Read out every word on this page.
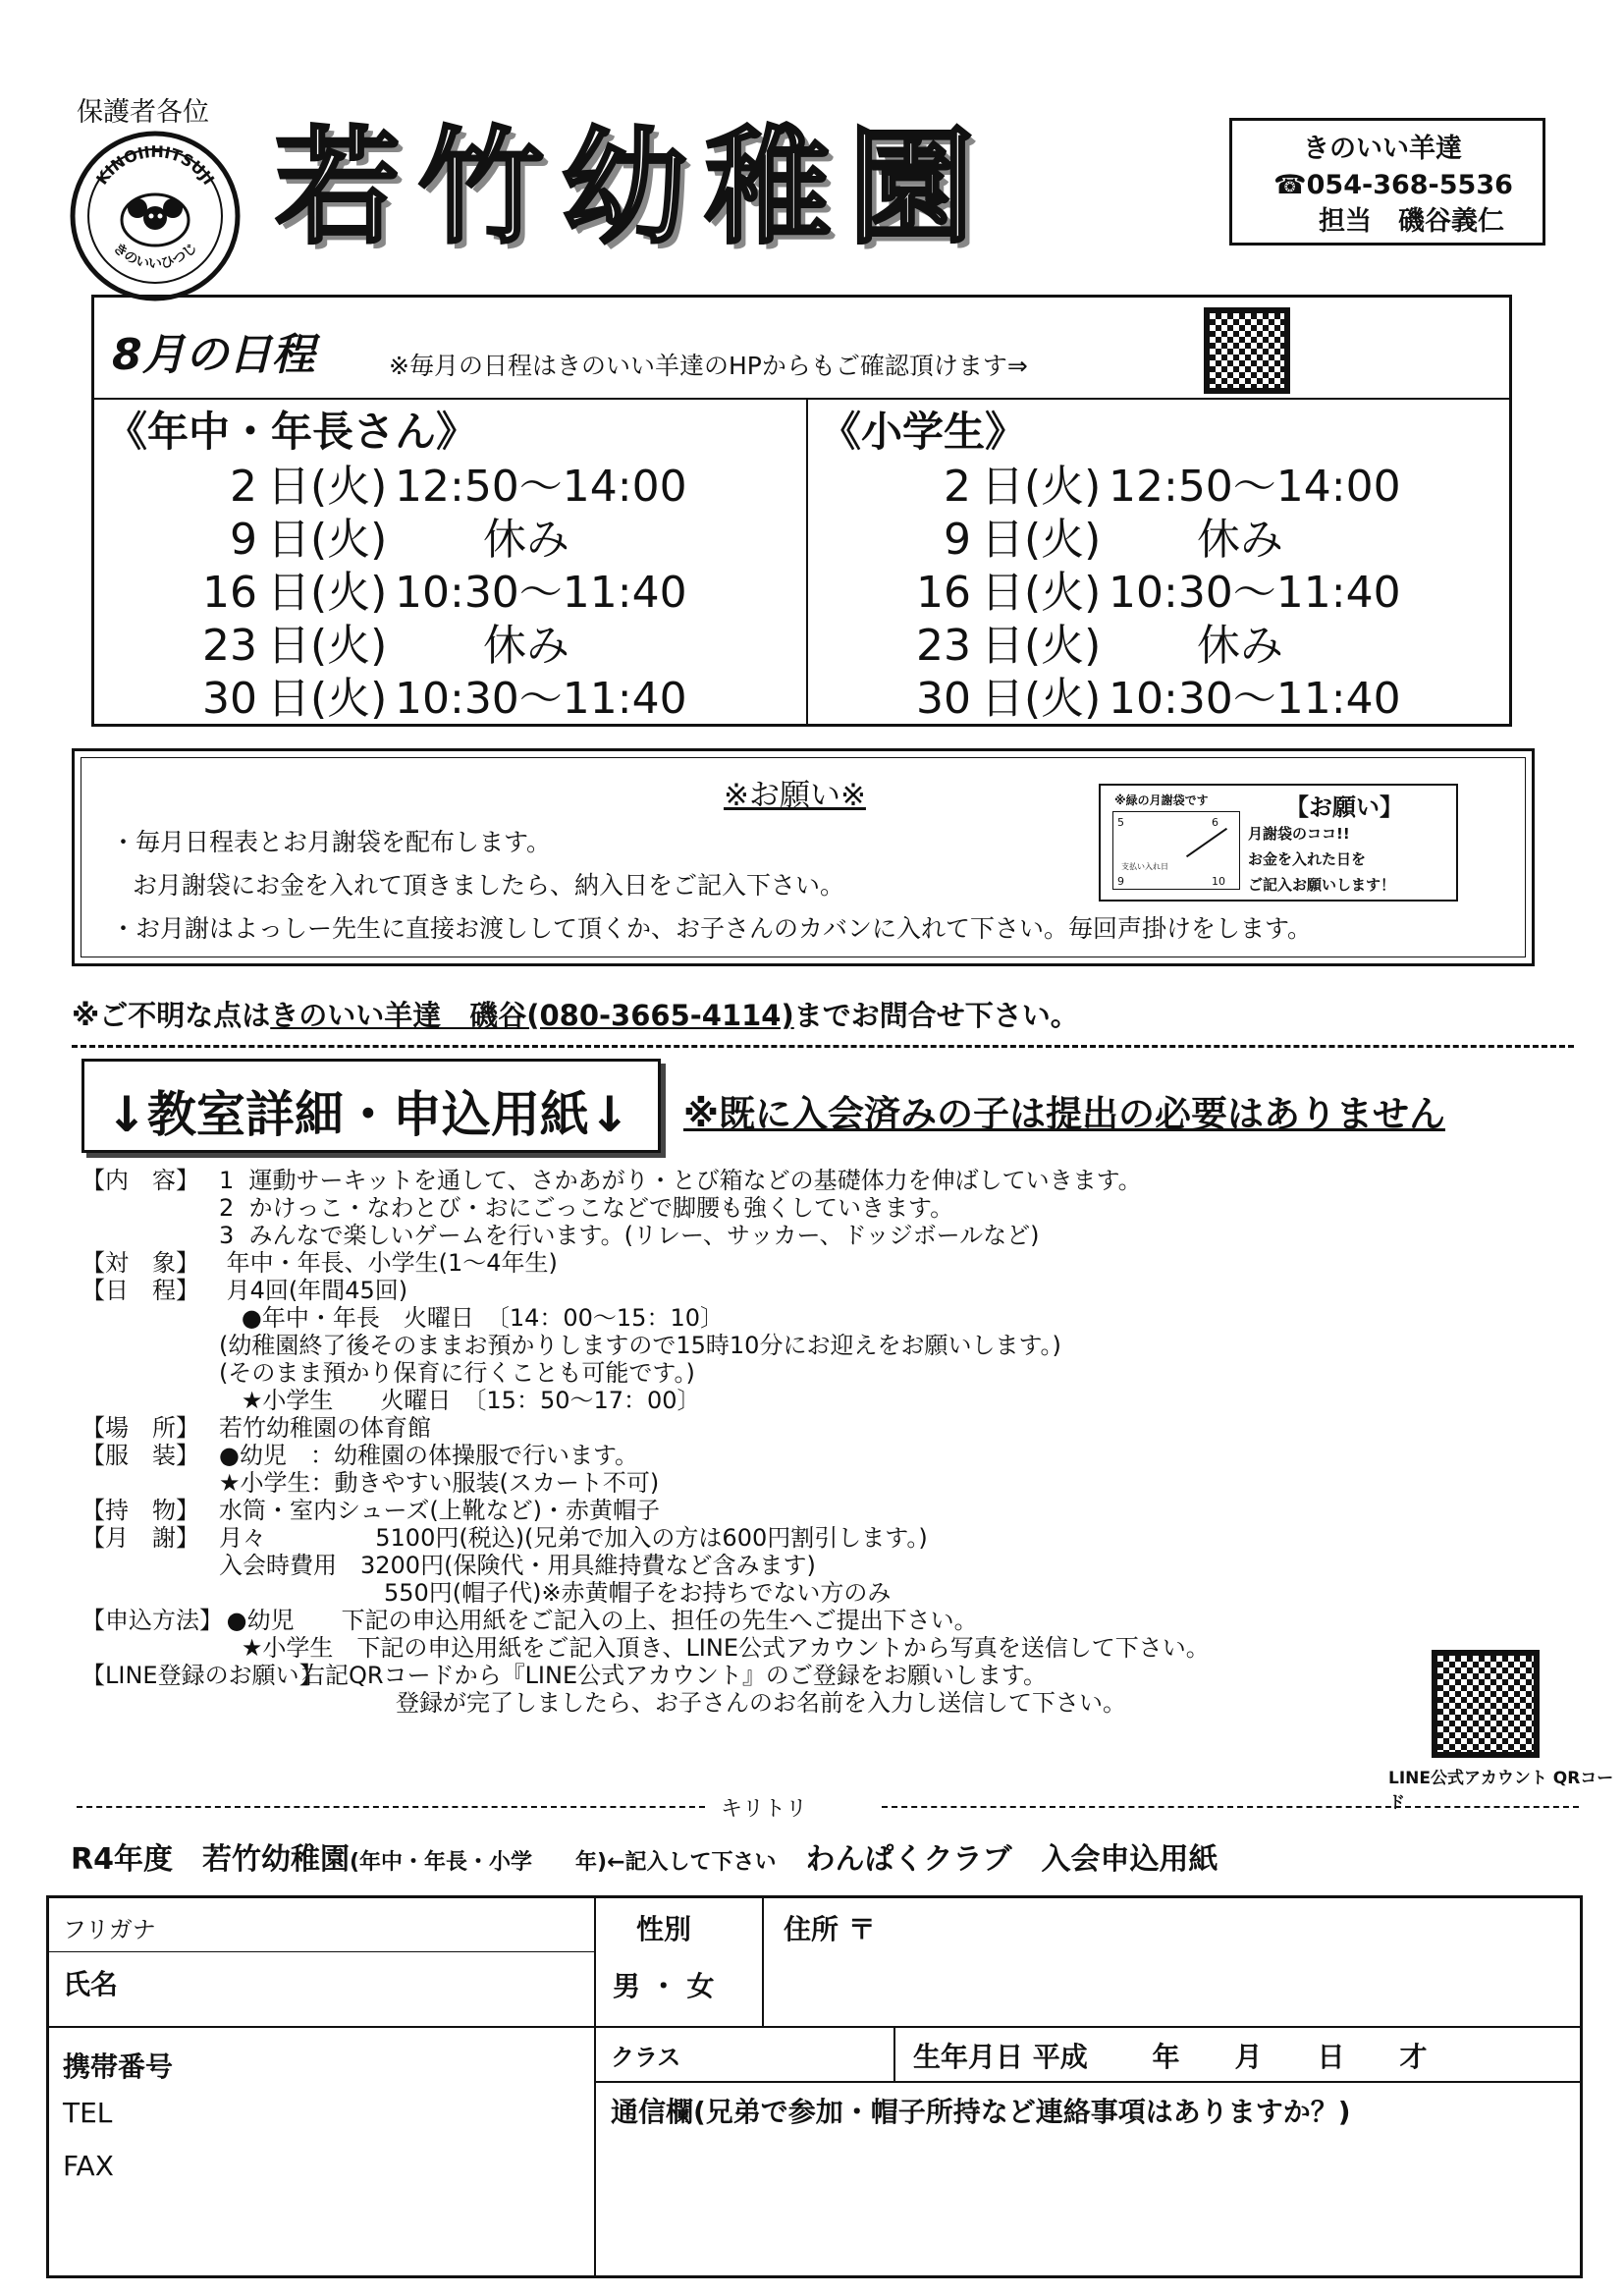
保護者各位
KINOIIHITSUJI
きのいいひつじ 若竹幼稚園	きのいい羊達
☎054-368-5536
担当　磯谷義仁
8月の日程	※毎月の日程はきのいい羊達のHPからもご確認頂けます⇒
《年中・年長さん》
2 日(火) 12:50～14:00
9 日(火)	休み
16 日(火) 10:30～11:40
23 日(火)	休み
30 日(火) 10:30～11:40
《小学生》
2 日(火) 12:50～14:00
9 日(火)	休み
16 日(火) 10:30～11:40
23 日(火)	休み
30 日(火) 10:30～11:40
※お願い※
・毎月日程表とお月謝袋を配布します。
お月謝袋にお金を入れて頂きましたら、納入日をご記入下さい。
・お月謝はよっしー先生に直接お渡しして頂くか、お子さんのカバンに入れて下さい。毎回声掛けをします。
【お願い】
5	6
支払い入れ日
9	10
※緑の月謝袋です
月謝袋のココ!!
お金を入れた日を
ご記入お願いします！
※ご不明な点はきのいい羊達　磯谷(080-3665-4114)までお問合せ下さい。
↓教室詳細・申込用紙↓ ※既に入会済みの子は提出の必要はありません
【内　容】 1  運動サーキットを通して、さかあがり・とび箱などの基礎体力を伸ばしていきます。
2  かけっこ・なわとび・おにごっこなどで脚腰も強くしていきます。
3  みんなで楽しいゲームを行います。(リレー、サッカー、ドッジボールなど)
【対　象】 年中・年長、小学生(1～4年生)
【日　程】 月4回(年間45回)
●年中・年長　火曜日　〔14：00～15：10〕
(幼稚園終了後そのままお預かりしますので15時10分にお迎えをお願いします。)
(そのまま預かり保育に行くことも可能です。)
★小学生　　火曜日　〔15：50～17：00〕
【場　所】 若竹幼稚園の体育館
【服　装】 ●幼児　：幼稚園の体操服で行います。
★小学生：動きやすい服装(スカート不可)
【持　物】 水筒・室内シューズ(上靴など)・赤黄帽子
【月　謝】 月々　　　　  5100円(税込)(兄弟で加入の方は600円割引します。)
入会時費用　3200円(保険代・用具維持費など含みます)
　　　　　　　550円(帽子代)※赤黄帽子をお持ちでない方のみ
【申込方法】
●幼児　　下記の申込用紙をご記入の上、担任の先生へご提出下さい。
★小学生　下記の申込用紙をご記入頂き、LINE公式アカウントから写真を送信して下さい。
【LINE登録のお願い】
　右記QRコードから『LINE公式アカウント』のご登録をお願いします。
　　　　　登録が完了しましたら、お子さんのお名前を入力し送信して下さい。
LINE公式アカウント QRコード
キリトリ
R4年度　若竹幼稚園(年中・年長・小学　　年)←記入して下さい　 わんぱくクラブ　入会申込用紙
フリガナ
氏名
性別
男 ・ 女
住所 〒
携帯番号
TEL
FAX
クラス	生年月日 平成　　 年　　月　　日　　才
通信欄(兄弟で参加・帽子所持など連絡事項はありますか？)
